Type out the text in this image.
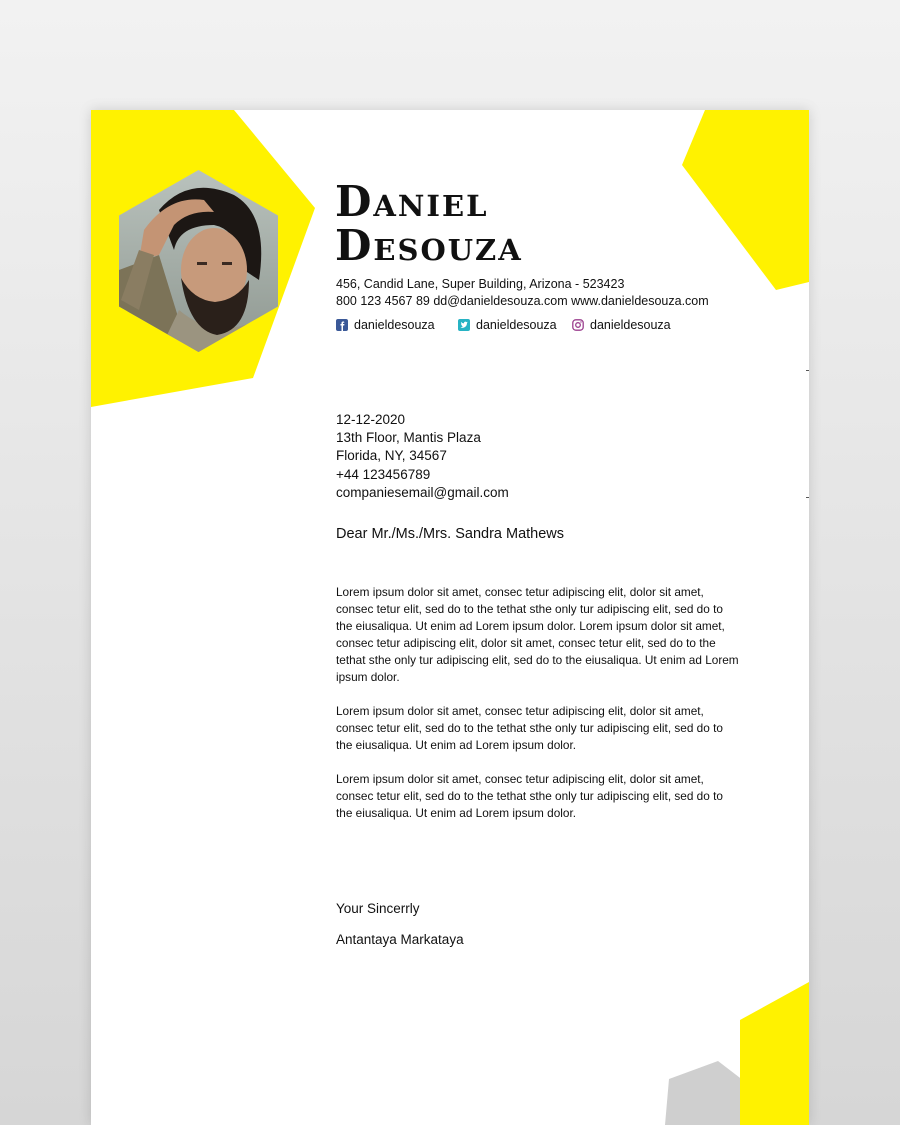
Daniel
Desouza
456, Candid Lane, Super Building, Arizona - 523423
800 123 4567 89 dd@danieldesouza.com www.danieldesouza.com
danieldesouza	danieldesouza	danieldesouza
12-12-2020
13th Floor, Mantis Plaza
Florida, NY, 34567
+44 123456789
companiesemail@gmail.com
Dear Mr./Ms./Mrs. Sandra Mathews
Lorem ipsum dolor sit amet, consec tetur adipiscing elit, dolor sit amet, consec tetur elit, sed do to the tethat sthe only tur adipiscing elit, sed do to the eiusaliqua. Ut enim ad Lorem ipsum dolor. Lorem ipsum dolor sit amet, consec tetur adipiscing elit, dolor sit amet, consec tetur elit, sed do to the tethat sthe only tur adipiscing elit, sed do to the eiusaliqua. Ut enim ad Lorem ipsum dolor.
Lorem ipsum dolor sit amet, consec tetur adipiscing elit, dolor sit amet, consec tetur elit, sed do to the tethat sthe only tur adipiscing elit, sed do to the eiusaliqua. Ut enim ad Lorem ipsum dolor.
Lorem ipsum dolor sit amet, consec tetur adipiscing elit, dolor sit amet, consec tetur elit, sed do to the tethat sthe only tur adipiscing elit, sed do to the eiusaliqua. Ut enim ad Lorem ipsum dolor.
Your Sincerrly
Antantaya Markataya
